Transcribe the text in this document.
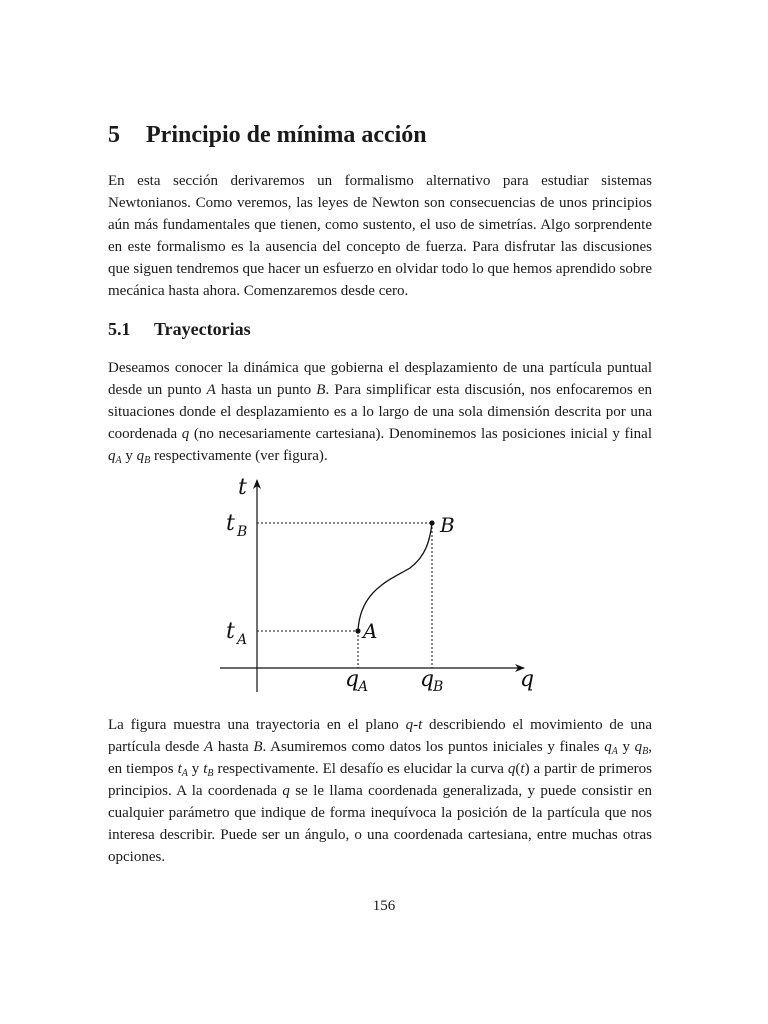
5 Principio de mínima acción

En esta sección derivaremos un formalismo alternativo para estudiar sistemas Newtonianos. Como veremos, las leyes de Newton son consecuencias de unos principios aún más fundamentales que tienen, como sustento, el uso de simetrías. Algo sorprendente en este formalismo es la ausencia del concepto de fuerza. Para disfrutar las discusiones que siguen tendremos que hacer un esfuerzo en olvidar todo lo que hemos aprendido sobre mecánica hasta ahora. Comenzaremos desde cero.

5.1 Trayectorias

Deseamos conocer la dinámica que gobierna el desplazamiento de una partícula puntual desde un punto A hasta un punto B. Para simplificar esta discusión, nos enfocaremos en situaciones donde el desplazamiento es a lo largo de una sola dimensión descrita por una coordenada q (no necesariamente cartesiana). Denominemos las posiciones inicial y final $q_A$ y $q_B$ respectivamente (ver figura).

t
q
t B
t A
q
A q
B
A
B

La figura muestra una trayectoria en el plano q-t describiendo el movimiento de una partícula desde A hasta B. Asumiremos como datos los puntos iniciales y finales $q_A$ y $q_B$, en tiempos $t_A$ y $t_B$ respectivamente. El desafío es elucidar la curva q(t) a partir de primeros principios. A la coordenada q se le llama coordenada generalizada, y puede consistir en cualquier parámetro que indique de forma inequívoca la posición de la partícula que nos interesa describir. Puede ser un ángulo, o una coordenada cartesiana, entre muchas otras opciones.

156
